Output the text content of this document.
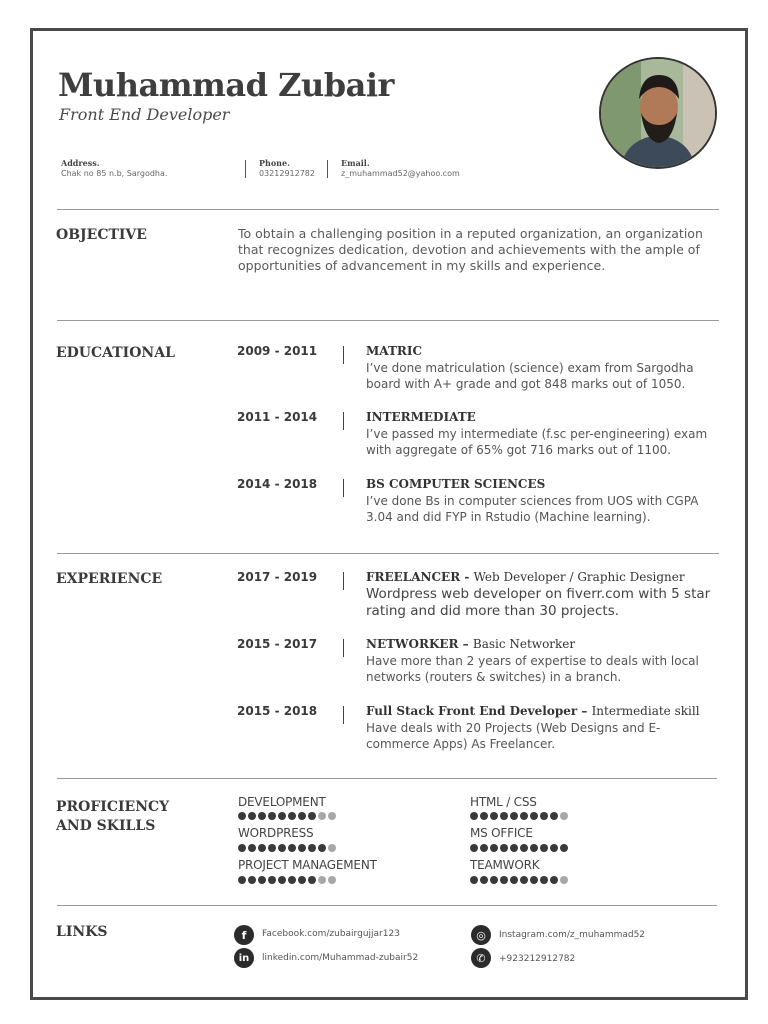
Muhammad Zubair
Front End Developer
Address.
Chak no 85 n.b, Sargodha.
Phone.
03212912782
Email.
z_muhammad52@yahoo.com
OBJECTIVE	To obtain a challenging position in a reputed organization, an organization that recognizes dedication, devotion and achievements with the ample of opportunities of advancement in my skills and experience.
EDUCATIONAL	2009 - 2011	MATRIC
I’ve done matriculation (science) exam from Sargodha board with A+ grade and got 848 marks out of 1050.
2011 - 2014	INTERMEDIATE
I’ve passed my intermediate (f.sc per-engineering) exam with aggregate of 65% got 716 marks out of 1100.
2014 - 2018	BS COMPUTER SCIENCES
I’ve done Bs in computer sciences from UOS with CGPA 3.04 and did FYP in Rstudio (Machine learning).
EXPERIENCE	2017 - 2019	FREELANCER - Web Developer / Graphic Designer
Wordpress web developer on fiverr.com with 5 star rating and did more than 30 projects.
2015 - 2017	NETWORKER – Basic Networker
Have more than 2 years of expertise to deals with local networks (routers & switches) in a branch.
2015 - 2018	Full Stack Front End Developer – Intermediate skill
Have deals with 20 Projects (Web Designs and E-commerce Apps) As Freelancer.
PROFICIENCY
AND SKILLS
DEVELOPMENT	HTML / CSS
WORDPRESS	MS OFFICE
PROJECT MANAGEMENT	TEAMWORK
LINKS	f	Facebook.com/zubairgujjar123	◎	Instagram.com/z_muhammad52
in	linkedin.com/Muhammad-zubair52	✆	+923212912782
